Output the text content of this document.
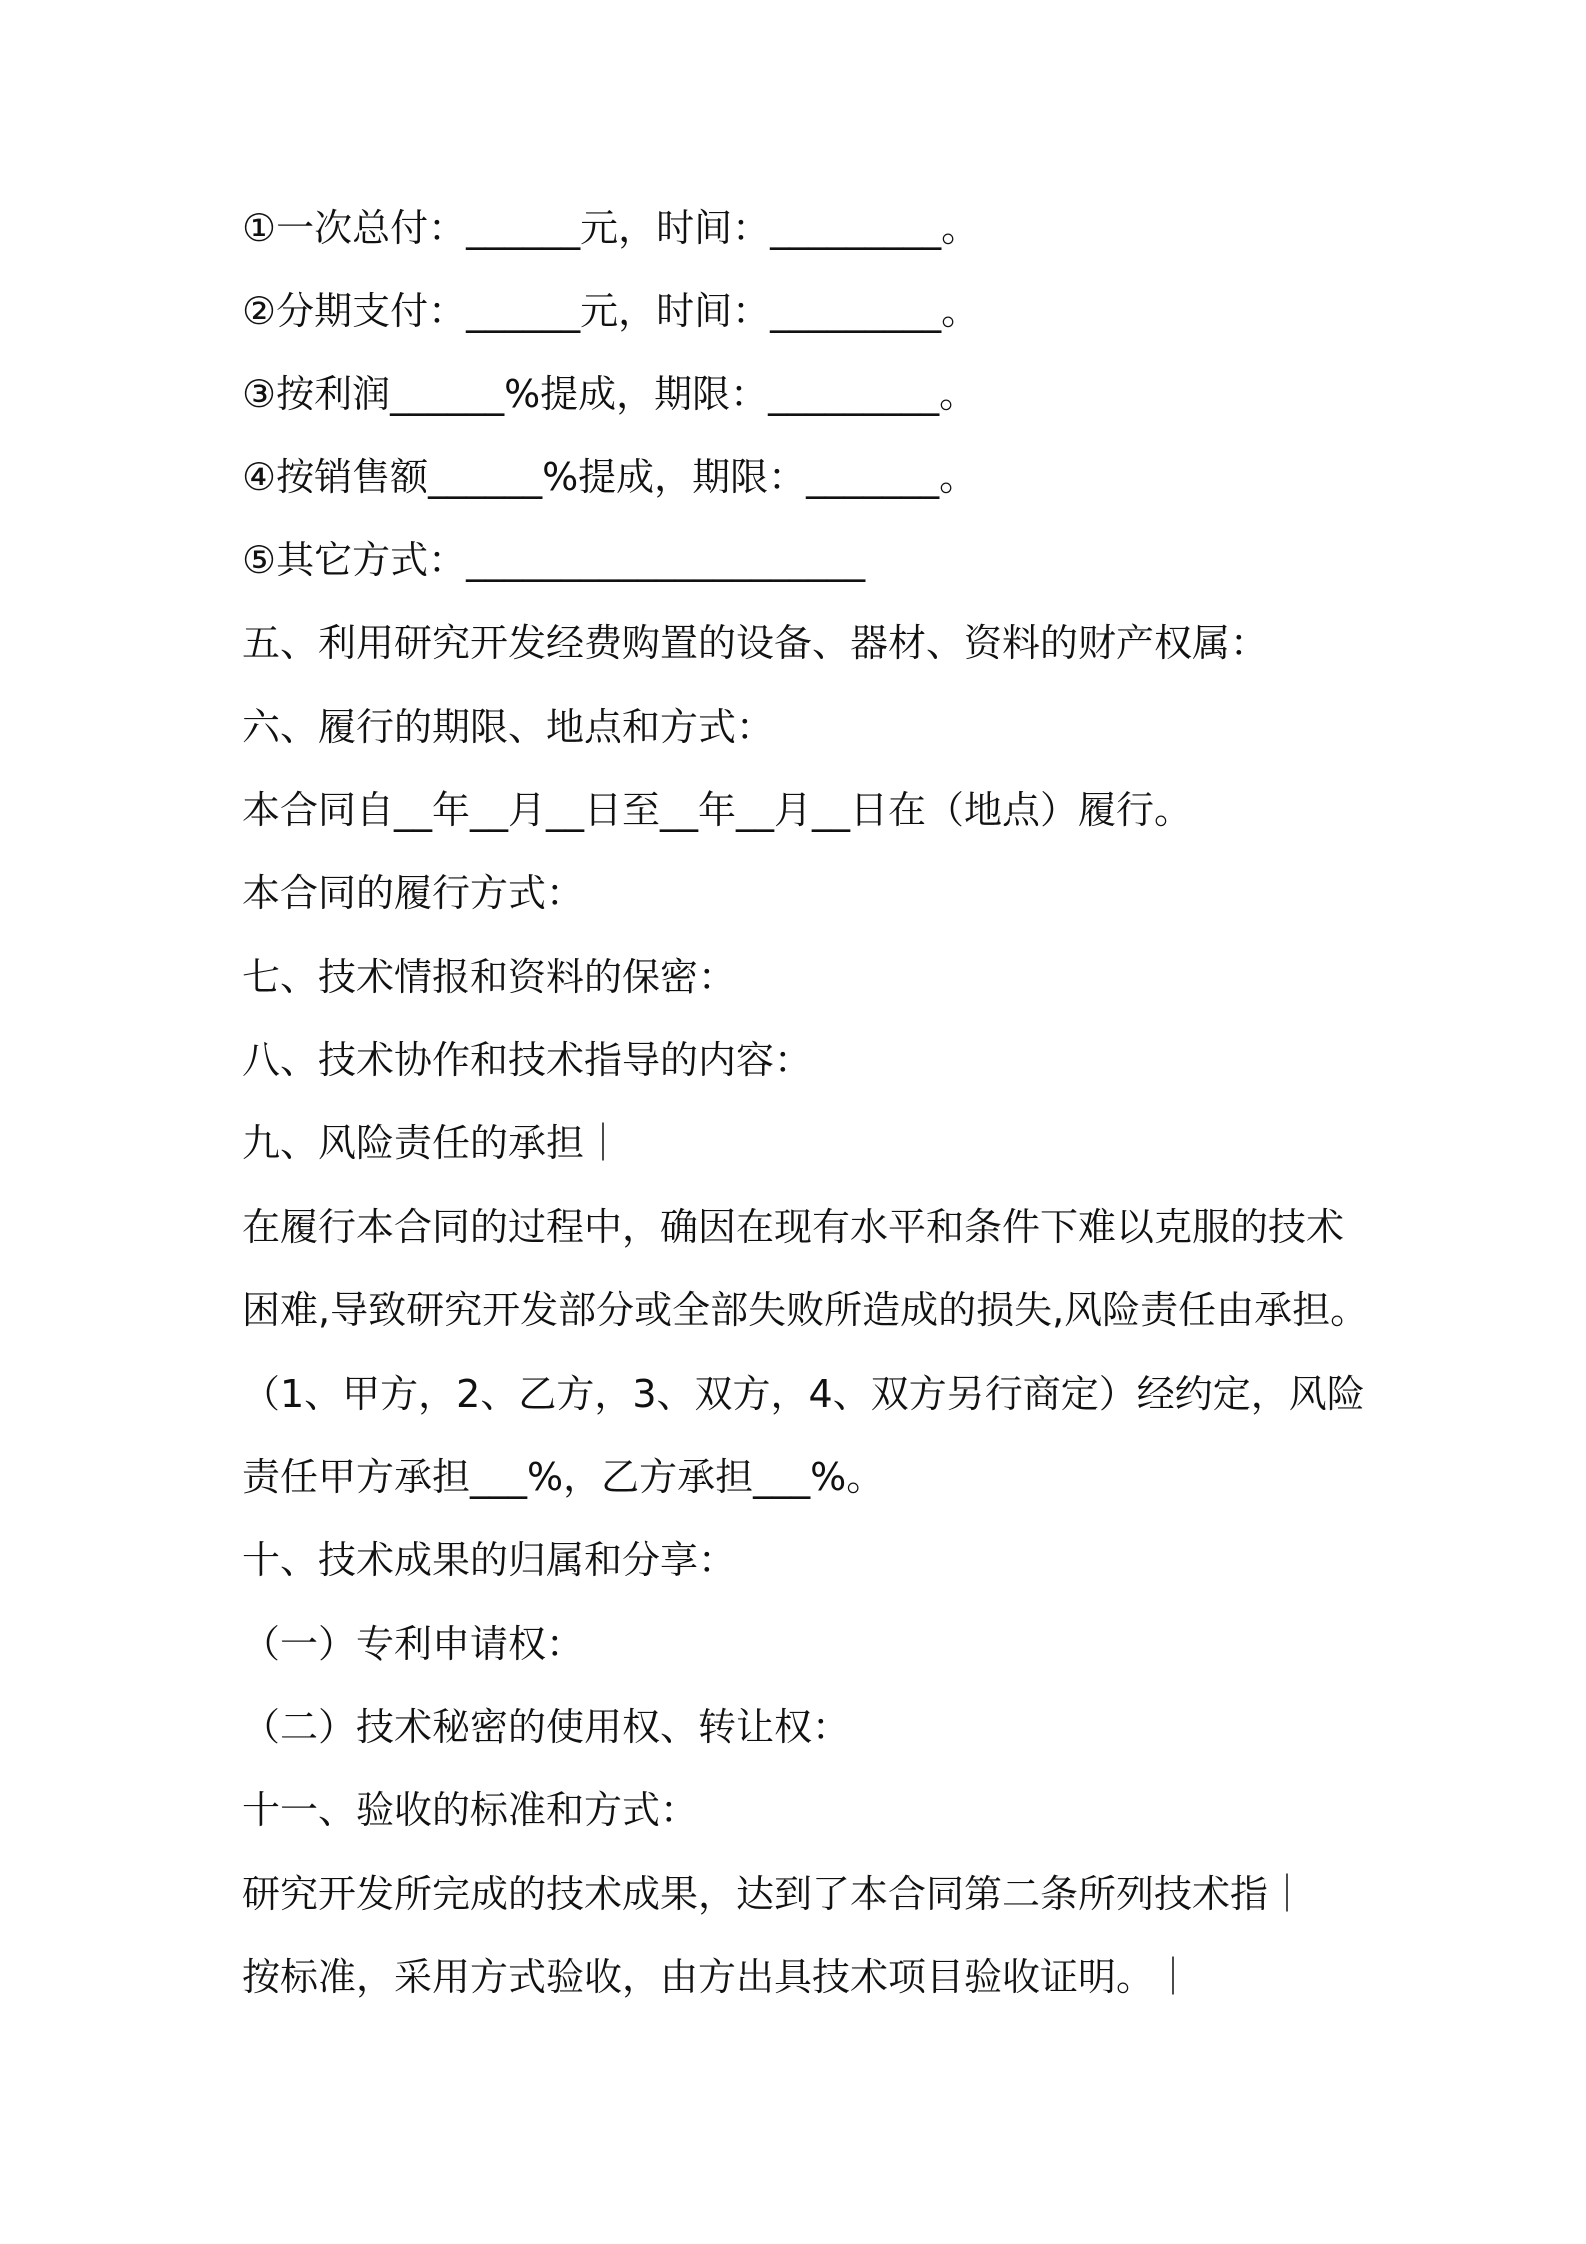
①一次总付：______元，时间：_________。
②分期支付：______元，时间：_________。
③按利润______%提成，期限：_________。
④按销售额______%提成，期限：_______。
⑤其它方式：_____________________
五、利用研究开发经费购置的设备、器材、资料的财产权属：
六、履行的期限、地点和方式：
本合同自__年__月__日至__年__月__日在（地点）履行。
本合同的履行方式：
七、技术情报和资料的保密：
八、技术协作和技术指导的内容：
九、风险责任的承担｜
在履行本合同的过程中，确因在现有水平和条件下难以克服的技术
困难,导致研究开发部分或全部失败所造成的损失,风险责任由承担。
（1、甲方，2、乙方，3、双方，4、双方另行商定）经约定，风险
责任甲方承担___%，乙方承担___%。
十、技术成果的归属和分享：
（一）专利申请权：
（二）技术秘密的使用权、转让权：
十一、验收的标准和方式：
研究开发所完成的技术成果，达到了本合同第二条所列技术指｜
按标准，采用方式验收，由方出具技术项目验收证明。｜
